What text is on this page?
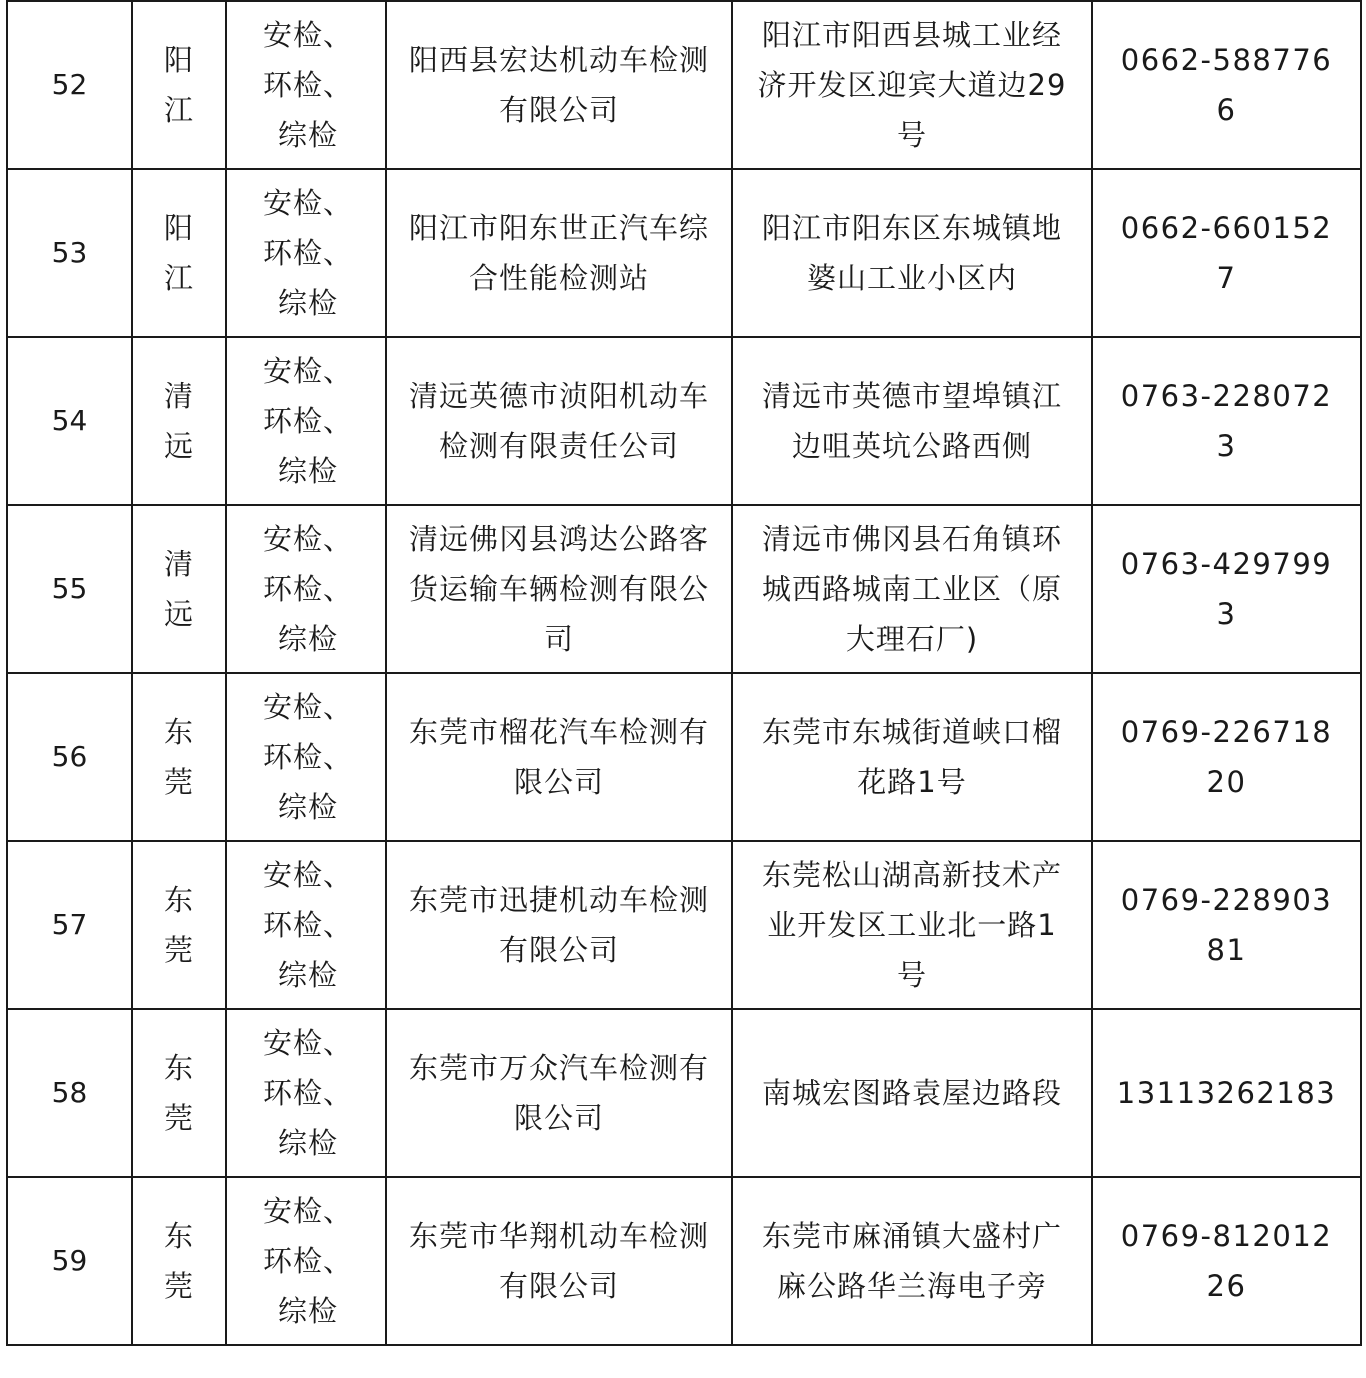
52	阳江	安检、
环检、
综检	阳西县宏达机动车检测有限公司	阳江市阳西县城工业经济开发区迎宾大道边29号	0662-5887766
53	阳江	安检、
环检、
综检	阳江市阳东世正汽车综合性能检测站	阳江市阳东区东城镇地婆山工业小区内	0662-6601527
54	清远	安检、
环检、
综检	清远英德市浈阳机动车检测有限责任公司	清远市英德市望埠镇江边咀英坑公路西侧	0763-2280723
55	清远	安检、
环检、
综检	清远佛冈县鸿达公路客货运输车辆检测有限公司	清远市佛冈县石角镇环城西路城南工业区（原大理石厂)	0763-4297993
56	东莞	安检、
环检、
综检	东莞市榴花汽车检测有限公司	东莞市东城街道峡口榴花路1号	0769-22671820
57	东莞	安检、
环检、
综检	东莞市迅捷机动车检测有限公司	东莞松山湖高新技术产业开发区工业北一路1号	0769-22890381
58	东莞	安检、
环检、
综检	东莞市万众汽车检测有限公司	南城宏图路袁屋边路段	13113262183
59	东莞	安检、
环检、
综检	东莞市华翔机动车检测有限公司	东莞市麻涌镇大盛村广麻公路华兰海电子旁	0769-81201226
